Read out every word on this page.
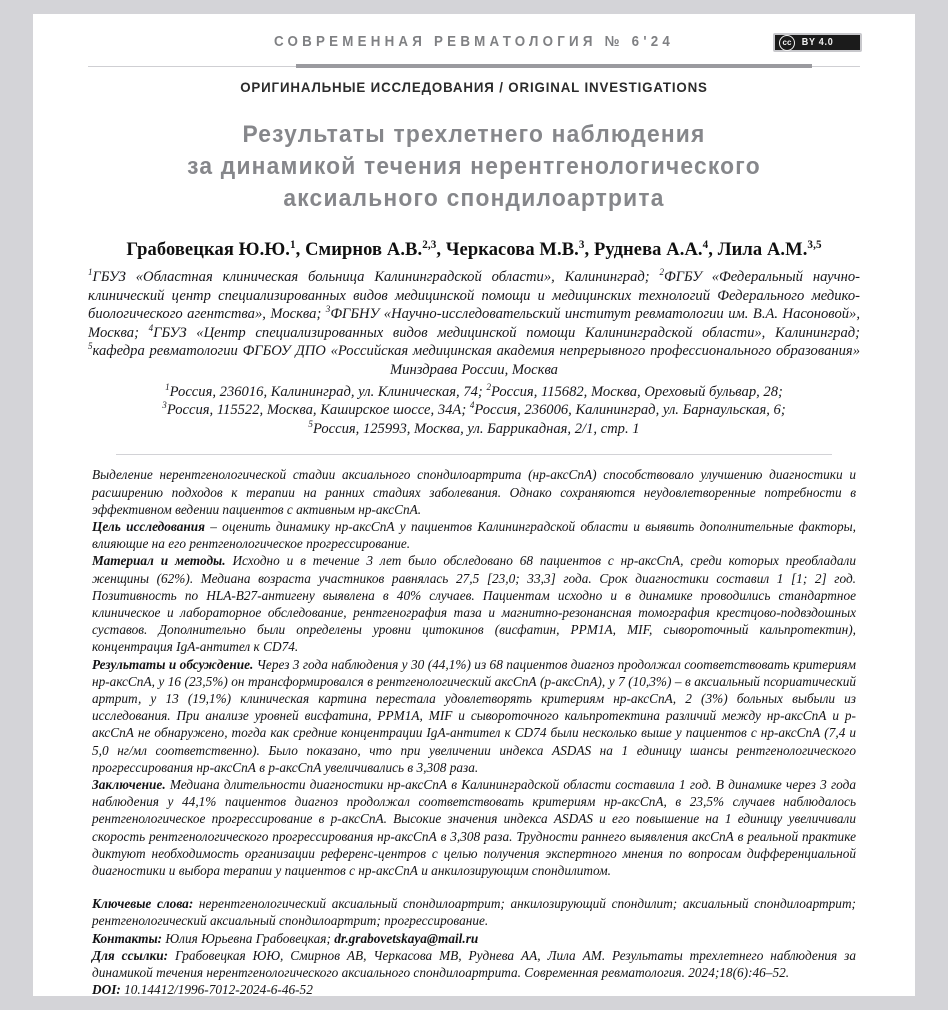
СОВРЕМЕННАЯ РЕВМАТОЛОГИЯ № 6'24	cc	BY 4.0
ОРИГИНАЛЬНЫЕ ИССЛЕДОВАНИЯ / ORIGINAL INVESTIGATIONS
Результаты трехлетнего наблюдения
за динамикой течения нерентгенологического
аксиального спондилоартрита
Грабовецкая Ю.Ю.$^1$, Смирнов А.В.$^{2,3}$, Черкасова М.В.$^3$, Руднева А.А.$^4$, Лила А.М.$^{3,5}$
$^1$ГБУЗ «Областная клиническая больница Калининградской области», Калининград; $^2$ФГБУ «Федеральный научно-клинический центр специализированных видов медицинской помощи и медицинских технологий Федерального медико-биологического агентства», Москва; $^3$ФГБНУ «Научно-исследовательский институт ревматологии им. В.А. Насоновой», Москва; $^4$ГБУЗ «Центр специализированных видов медицинской помощи Калининградской области», Калининград; $^5$кафедра ревматологии ФГБОУ ДПО «Российская медицинская академия непрерывного профессионального образования» Минздрава России, Москва
$^1$Россия, 236016, Калининград, ул. Клиническая, 74; $^2$Россия, 115682, Москва, Ореховый бульвар, 28;
$^3$Россия, 115522, Москва, Каширское шоссе, 34А; $^4$Россия, 236006, Калининград, ул. Барнаульская, 6;
$^5$Россия, 125993, Москва, ул. Баррикадная, 2/1, стр. 1

Выделение нерентгенологической стадии аксиального спондилоартрита (нр-аксСпА) способствовало улучшению диагностики и расширению подходов к терапии на ранних стадиях заболевания. Однако сохраняются неудовлетворенные потребности в эффективном ведении пациентов с активным нр-аксСпА.

Цель исследования – оценить динамику нр-аксСпА у пациентов Калининградской области и выявить дополнительные факторы, влияющие на его рентгенологическое прогрессирование.

Материал и методы. Исходно и в течение 3 лет было обследовано 68 пациентов с нр-аксСпА, среди которых преобладали женщины (62%). Медиана возраста участников равнялась 27,5 [23,0; 33,3] года. Срок диагностики составил 1 [1; 2] год. Позитивность по HLA-B27-антигену выявлена в 40% случаев. Пациентам исходно и в динамике проводились стандартное клиническое и лабораторное обследование, рентгенография таза и магнитно-резонансная томография крестцово-подвздошных суставов. Дополнительно были определены уровни цитокинов (висфатин, PPM1A, MIF, сывороточный кальпротектин), концентрация IgA-антител к CD74.

Результаты и обсуждение. Через 3 года наблюдения у 30 (44,1%) из 68 пациентов диагноз продолжал соответствовать критериям нр-аксСпА, у 16 (23,5%) он трансформировался в рентгенологический аксСпА (р-аксСпА), у 7 (10,3%) – в аксиальный псориатический артрит, у 13 (19,1%) клиническая картина перестала удовлетворять критериям нр-аксСпА, 2 (3%) больных выбыли из исследования. При анализе уровней висфатина, PPM1A, MIF и сывороточного кальпротектина различий между нр-аксСпА и р-аксСпА не обнаружено, тогда как средние концентрации IgA-антител к CD74 были несколько выше у пациентов с нр-аксСпА (7,4 и 5,0 нг/мл соответственно). Было показано, что при увеличении индекса ASDAS на 1 единицу шансы рентгенологического прогрессирования нр-аксСпА в р-аксСпА увеличивались в 3,308 раза.

Заключение. Медиана длительности диагностики нр-аксСпА в Калининградской области составила 1 год. В динамике через 3 года наблюдения у 44,1% пациентов диагноз продолжал соответствовать критериям нр-аксСпА, в 23,5% случаев наблюдалось рентгенологическое прогрессирование в р-аксСпА. Высокие значения индекса ASDAS и его повышение на 1 единицу увеличивали скорость рентгенологического прогрессирования нр-аксСпА в 3,308 раза. Трудности раннего выявления аксСпА в реальной практике диктуют необходимость организации референс-центров с целью получения экспертного мнения по вопросам дифференциальной диагностики и выбора терапии у пациентов с нр-аксСпА и анкилозирующим спондилитом.

Ключевые слова: нерентгенологический аксиальный спондилоартрит; анкилозирующий спондилит; аксиальный спондилоартрит; рентгенологический аксиальный спондилоартрит; прогрессирование.

Контакты: Юлия Юрьевна Грабовецкая; dr.grabovetskaya@mail.ru

Для ссылки: Грабовецкая ЮЮ, Смирнов АВ, Черкасова МВ, Руднева АА, Лила АМ. Результаты трехлетнего наблюдения за динамикой течения нерентгенологического аксиального спондилоартрита. Современная ревматология. 2024;18(6):46–52.

DOI: 10.14412/1996-7012-2024-6-46-52
